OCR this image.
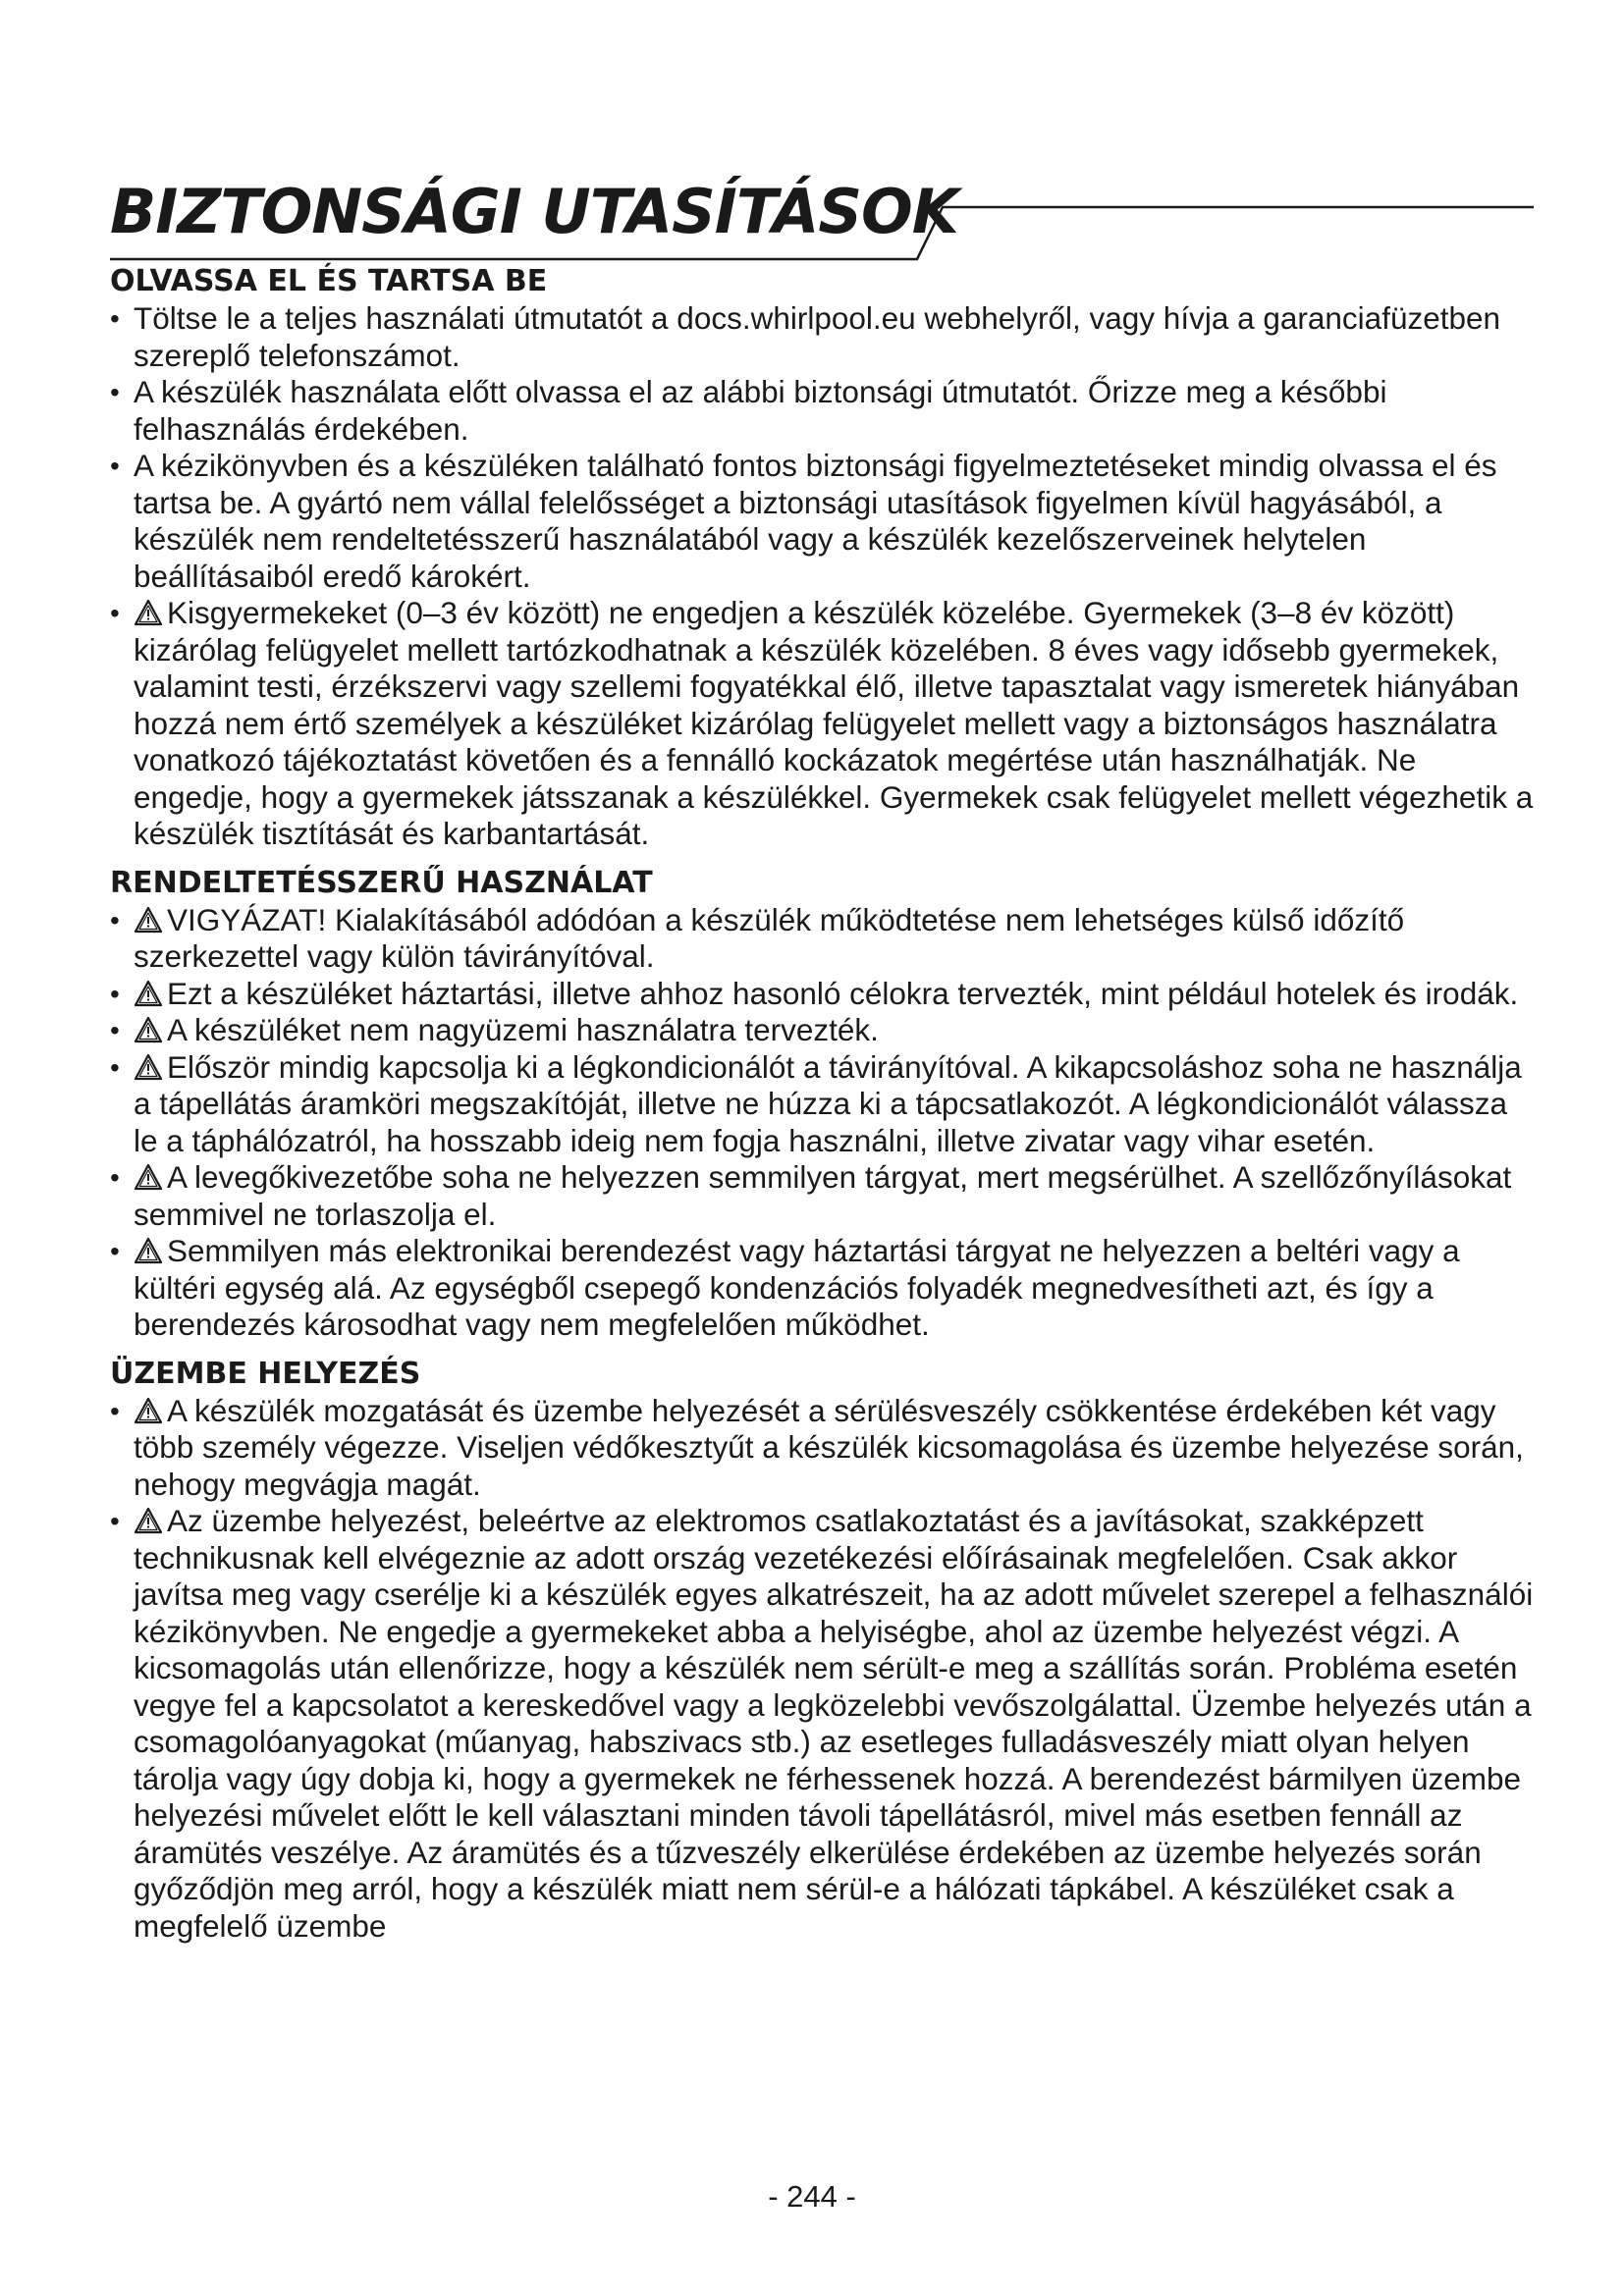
BIZTONSÁGI UTASÍTÁSOK
OLVASSA EL ÉS TARTSA BE
• Töltse le a teljes használati útmutatót a docs.whirlpool.eu webhelyről, vagy hívja a garanciafüzetben szereplő telefonszámot.
• A készülék használata előtt olvassa el az alábbi biztonsági útmutatót. Őrizze meg a későbbi felhasználás érdekében.
• A kézikönyvben és a készüléken található fontos biztonsági figyelmeztetéseket mindig olvassa el és tartsa be. A gyártó nem vállal felelősséget a biztonsági utasítások figyelmen kívül hagyásából, a készülék nem rendeltetésszerű használatából vagy a készülék kezelőszerveinek helytelen beállításaiból eredő károkért.
• Kisgyermekeket (0–3 év között) ne engedjen a készülék közelébe. Gyermekek (3–8 év között) kizárólag felügyelet mellett tartózkodhatnak a készülék közelében. 8 éves vagy idősebb gyermekek, valamint testi, érzékszervi vagy szellemi fogyatékkal élő, illetve tapasztalat vagy ismeretek hiányában hozzá nem értő személyek a készüléket kizárólag felügyelet mellett vagy a biztonságos használatra vonatkozó tájékoztatást követően és a fennálló kockázatok megértése után használhatják. Ne engedje, hogy a gyermekek játsszanak a készülékkel. Gyermekek csak felügyelet mellett végezhetik a készülék tisztítását és karbantartását.
RENDELTETÉSSZERŰ HASZNÁLAT
• VIGYÁZAT! Kialakításából adódóan a készülék működtetése nem lehetséges külső időzítő szerkezettel vagy külön távirányítóval.
• Ezt a készüléket háztartási, illetve ahhoz hasonló célokra tervezték, mint például hotelek és irodák.
• A készüléket nem nagyüzemi használatra tervezték.
• Először mindig kapcsolja ki a légkondicionálót a távirányítóval. A kikapcsoláshoz soha ne használja a tápellátás áramköri megszakítóját, illetve ne húzza ki a tápcsatlakozót. A légkondicionálót válassza le a táphálózatról, ha hosszabb ideig nem fogja használni, illetve zivatar vagy vihar esetén.
• A levegőkivezetőbe soha ne helyezzen semmilyen tárgyat, mert megsérülhet. A szellőzőnyílásokat semmivel ne torlaszolja el.
• Semmilyen más elektronikai berendezést vagy háztartási tárgyat ne helyezzen a beltéri vagy a kültéri egység alá. Az egységből csepegő kondenzációs folyadék megnedvesítheti azt, és így a berendezés károsodhat vagy nem megfelelően működhet.
ÜZEMBE HELYEZÉS
• A készülék mozgatását és üzembe helyezését a sérülésveszély csökkentése érdekében két vagy több személy végezze. Viseljen védőkesztyűt a készülék kicsomagolása és üzembe helyezése során, nehogy megvágja magát.
• Az üzembe helyezést, beleértve az elektromos csatlakoztatást és a javításokat, szakképzett technikusnak kell elvégeznie az adott ország vezetékezési előírásainak megfelelően. Csak akkor javítsa meg vagy cserélje ki a készülék egyes alkatrészeit, ha az adott művelet szerepel a felhasználói kézikönyvben. Ne engedje a gyermekeket abba a helyiségbe, ahol az üzembe helyezést végzi. A kicsomagolás után ellenőrizze, hogy a készülék nem sérült-e meg a szállítás során. Probléma esetén vegye fel a kapcsolatot a kereskedővel vagy a legközelebbi vevőszolgálattal. Üzembe helyezés után a csomagolóanyagokat (műanyag, habszivacs stb.) az esetleges fulladásveszély miatt olyan helyen tárolja vagy úgy dobja ki, hogy a gyermekek ne férhessenek hozzá. A berendezést bármilyen üzembe helyezési művelet előtt le kell választani minden távoli tápellátásról, mivel más esetben fennáll az áramütés veszélye. Az áramütés és a tűzveszély elkerülése érdekében az üzembe helyezés során győződjön meg arról, hogy a készülék miatt nem sérül-e a hálózati tápkábel. A készüléket csak a megfelelő üzembe
- 244 -
